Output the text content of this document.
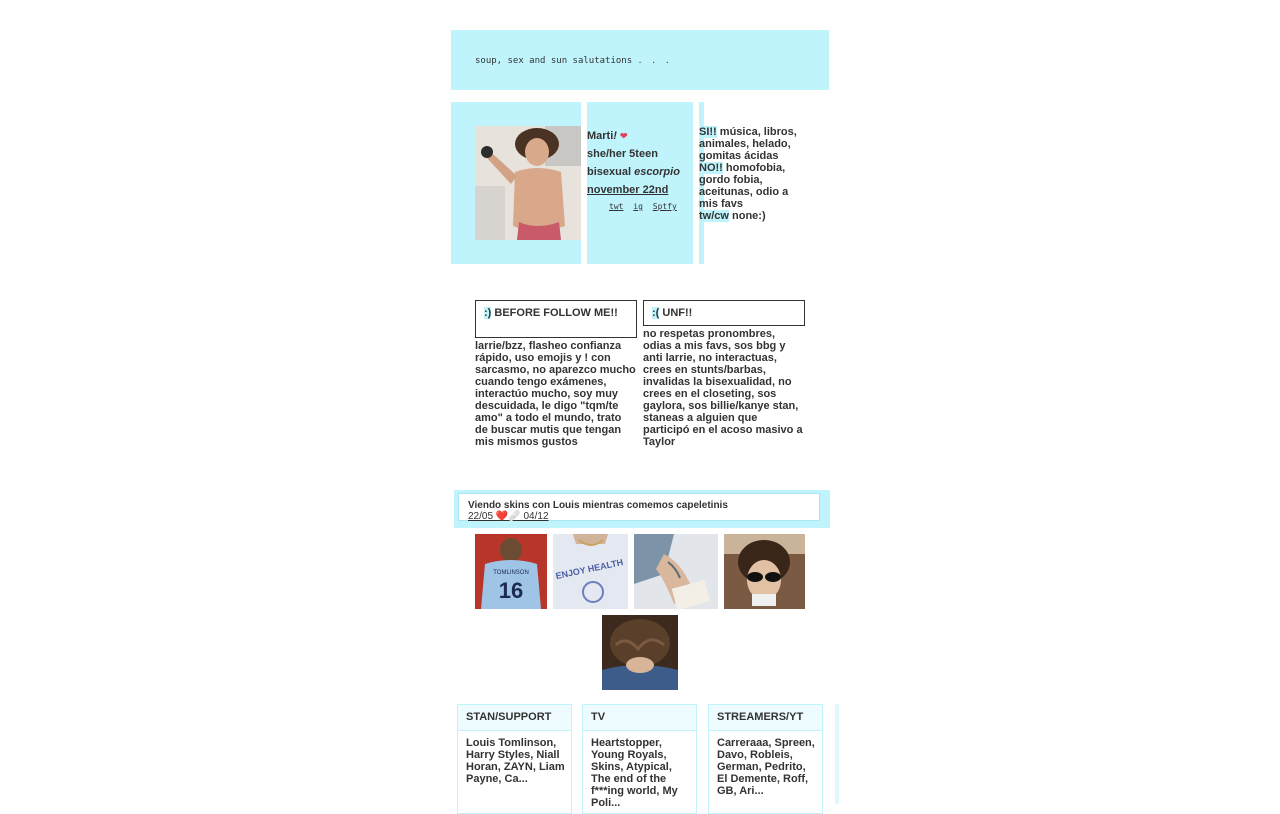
soup, sex and sun salutations . . .
Marti! ❤
she/her 5teen
bisexual escorpio
november 22nd
twt ig Sptfy
SI!! música, libros, animales, helado, gomitas ácidas
NO!! homofobia, gordo fobia, aceitunas, odio a mis favs
tw/cw none:)
:) BEFORE FOLLOW ME!!
larrie/bzz, flasheo confianza rápido, uso emojis y ! con sarcasmo, no aparezco mucho cuando tengo exámenes, interactúo mucho, soy muy descuidada, le digo "tqm/te amo" a todo el mundo, trato de buscar mutis que tengan mis mismos gustos
:( UNF!!
no respetas pronombres, odias a mis favs, sos bbg y anti larrie, no interactuas, crees en stunts/barbas, invalidas la bisexualidad, no crees en el closeting, sos gaylora, sos billie/kanye stan, staneas a alguien que participó en el acoso masivo a Taylor
Viendo skins con Louis mientras comemos capeletinis
22/05 ❤️🩹 04/12
TOMLINSON
16
ENJOY HEALTH
STAN/SUPPORT
Louis Tomlinson, Harry Styles, Niall Horan, ZAYN, Liam Payne, Ca...
TV
Heartstopper, Young Royals, Skins, Atypical, The end of the f***ing world, My Poli...
STREAMERS/YT
Carreraaa, Spreen, Davo, Robleis, German, Pedrito, El Demente, Roff, GB, Ari...
